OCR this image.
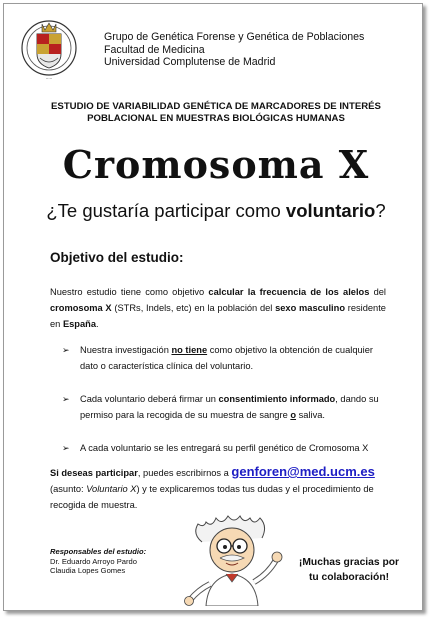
·····
Grupo de Genética Forense y Genética de Poblaciones
Facultad de Medicina
Universidad Complutense de Madrid
ESTUDIO DE VARIABILIDAD GENÉTICA DE MARCADORES DE INTERÉS
POBLACIONAL EN MUESTRAS BIOLÓGICAS HUMANAS
Cromosoma X
¿Te gustaría participar como voluntario?
Objetivo del estudio:
Nuestro estudio tiene como objetivo calcular la frecuencia de los alelos del cromosoma X (STRs, Indels, etc) en la población del sexo masculino residente en España.
➢ Nuestra investigación no tiene como objetivo la obtención de cualquier dato o característica clínica del voluntario.
➢ Cada voluntario deberá firmar un consentimiento informado, dando su permiso para la recogida de su muestra de sangre o saliva.
➢ A cada voluntario se les entregará su perfil genético de Cromosoma X
Si deseas participar, puedes escribirnos a genforen@med.ucm.es
(asunto: Voluntario X) y te explicaremos todas tus dudas y el procedimiento de recogida de muestra.
Responsables del estudio:
Dr. Eduardo Arroyo Pardo
Claudia Lopes Gomes
¡Muchas gracias por
tu colaboración!
